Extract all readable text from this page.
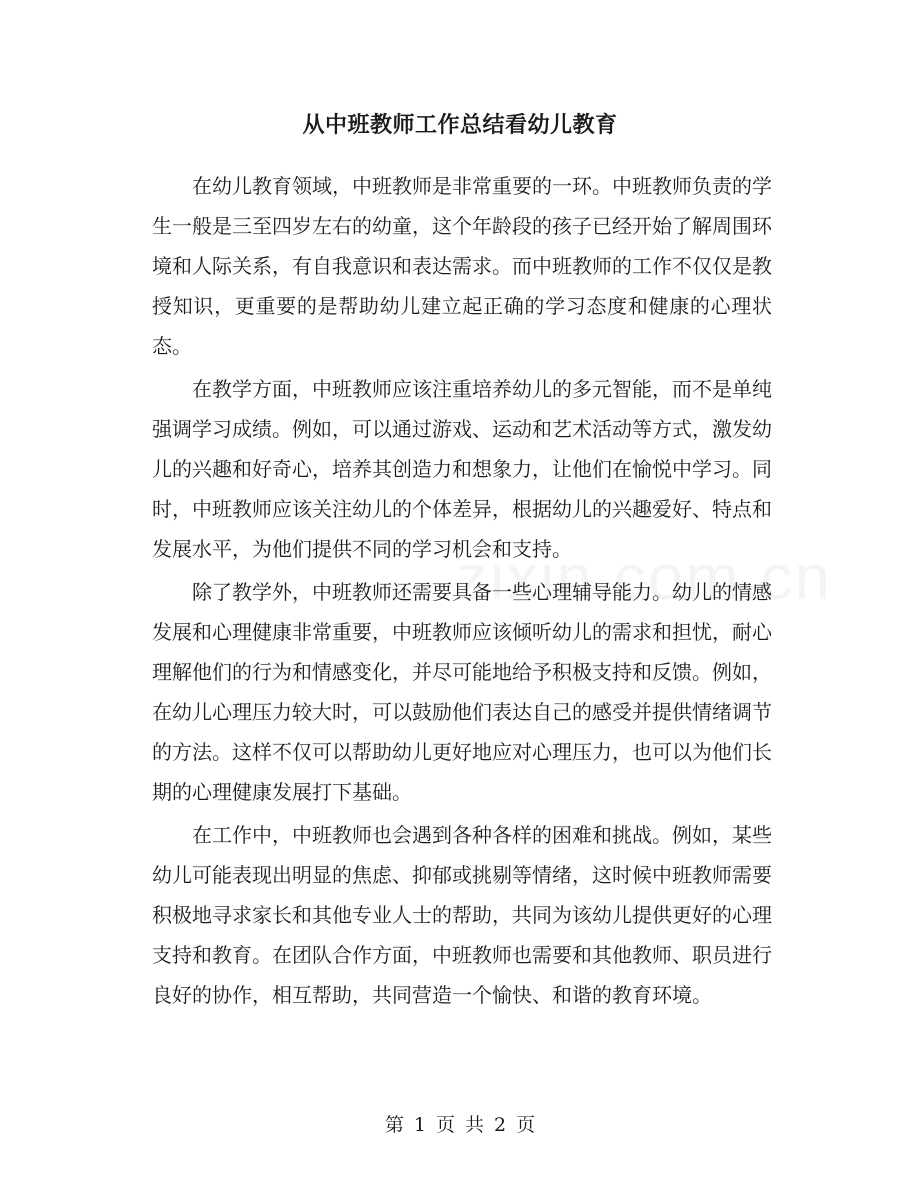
从中班教师工作总结看幼儿教育

在幼儿教育领域，中班教师是非常重要的一环。中班教师负责的学生一般是三至四岁左右的幼童，这个年龄段的孩子已经开始了解周围环境和人际关系，有自我意识和表达需求。而中班教师的工作不仅仅是教授知识，更重要的是帮助幼儿建立起正确的学习态度和健康的心理状态。

在教学方面，中班教师应该注重培养幼儿的多元智能，而不是单纯强调学习成绩。例如，可以通过游戏、运动和艺术活动等方式，激发幼儿的兴趣和好奇心，培养其创造力和想象力，让他们在愉悦中学习。同时，中班教师应该关注幼儿的个体差异，根据幼儿的兴趣爱好、特点和发展水平，为他们提供不同的学习机会和支持。

除了教学外，中班教师还需要具备一些心理辅导能力。幼儿的情感发展和心理健康非常重要，中班教师应该倾听幼儿的需求和担忧，耐心理解他们的行为和情感变化，并尽可能地给予积极支持和反馈。例如，在幼儿心理压力较大时，可以鼓励他们表达自己的感受并提供情绪调节的方法。这样不仅可以帮助幼儿更好地应对心理压力，也可以为他们长期的心理健康发展打下基础。

在工作中，中班教师也会遇到各种各样的困难和挑战。例如，某些幼儿可能表现出明显的焦虑、抑郁或挑剔等情绪，这时候中班教师需要积极地寻求家长和其他专业人士的帮助，共同为该幼儿提供更好的心理支持和教育。在团队合作方面，中班教师也需要和其他教师、职员进行良好的协作，相互帮助，共同营造一个愉快、和谐的教育环境。

第 1 页 共 2 页
